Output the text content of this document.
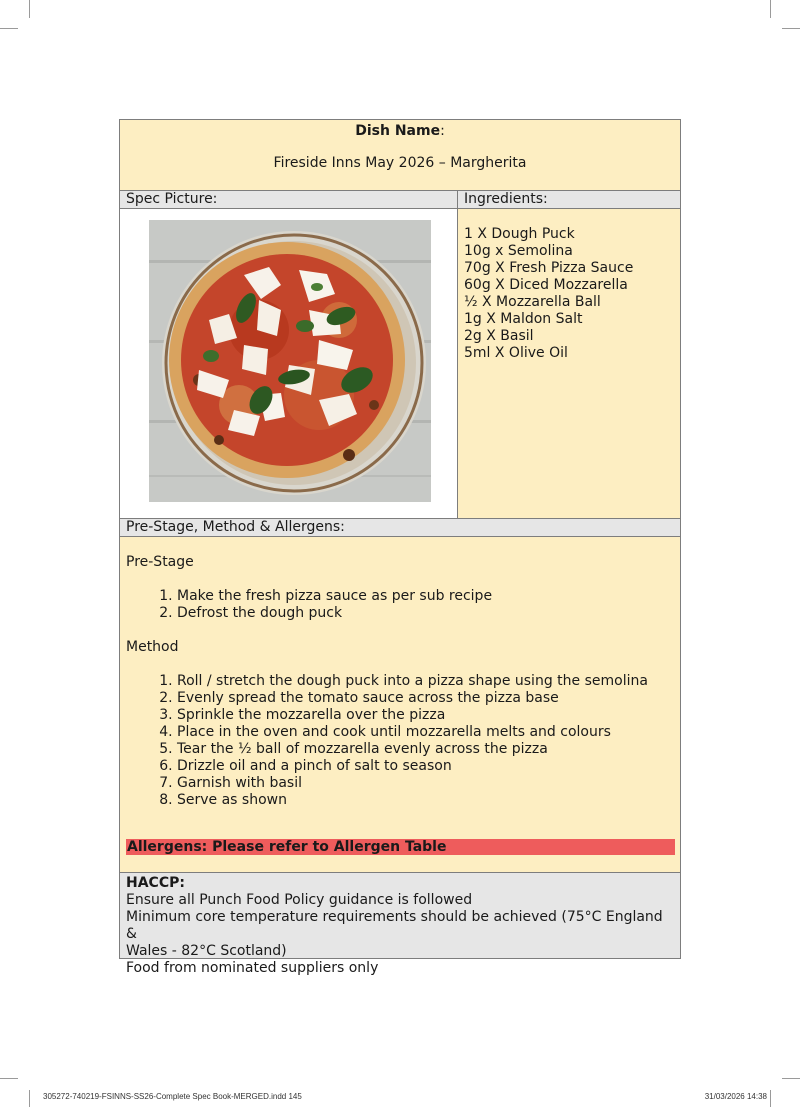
Dish Name:
Fireside Inns May 2026 – Margherita
Spec Picture:	Ingredients:
1 X Dough Puck
10g x Semolina
70g X Fresh Pizza Sauce
60g X Diced Mozzarella
½ X Mozzarella Ball
1g X Maldon Salt
2g X Basil
5ml X Olive Oil
Pre-Stage, Method & Allergens:
Pre-Stage
1. Make the fresh pizza sauce as per sub recipe
2. Defrost the dough puck
Method
1. Roll / stretch the dough puck into a pizza shape using the semolina
2. Evenly spread the tomato sauce across the pizza base
3. Sprinkle the mozzarella over the pizza
4. Place in the oven and cook until mozzarella melts and colours
5. Tear the ½ ball of mozzarella evenly across the pizza
6. Drizzle oil and a pinch of salt to season
7. Garnish with basil
8. Serve as shown
Allergens: Please refer to Allergen Table
HACCP:
Ensure all Punch Food Policy guidance is followed
Minimum core temperature requirements should be achieved (75°C England &
Wales - 82°C Scotland)
Food from nominated suppliers only
305272-740219-FSINNS-SS26-Complete Spec Book-MERGED.indd 145	31/03/2026 14:38
